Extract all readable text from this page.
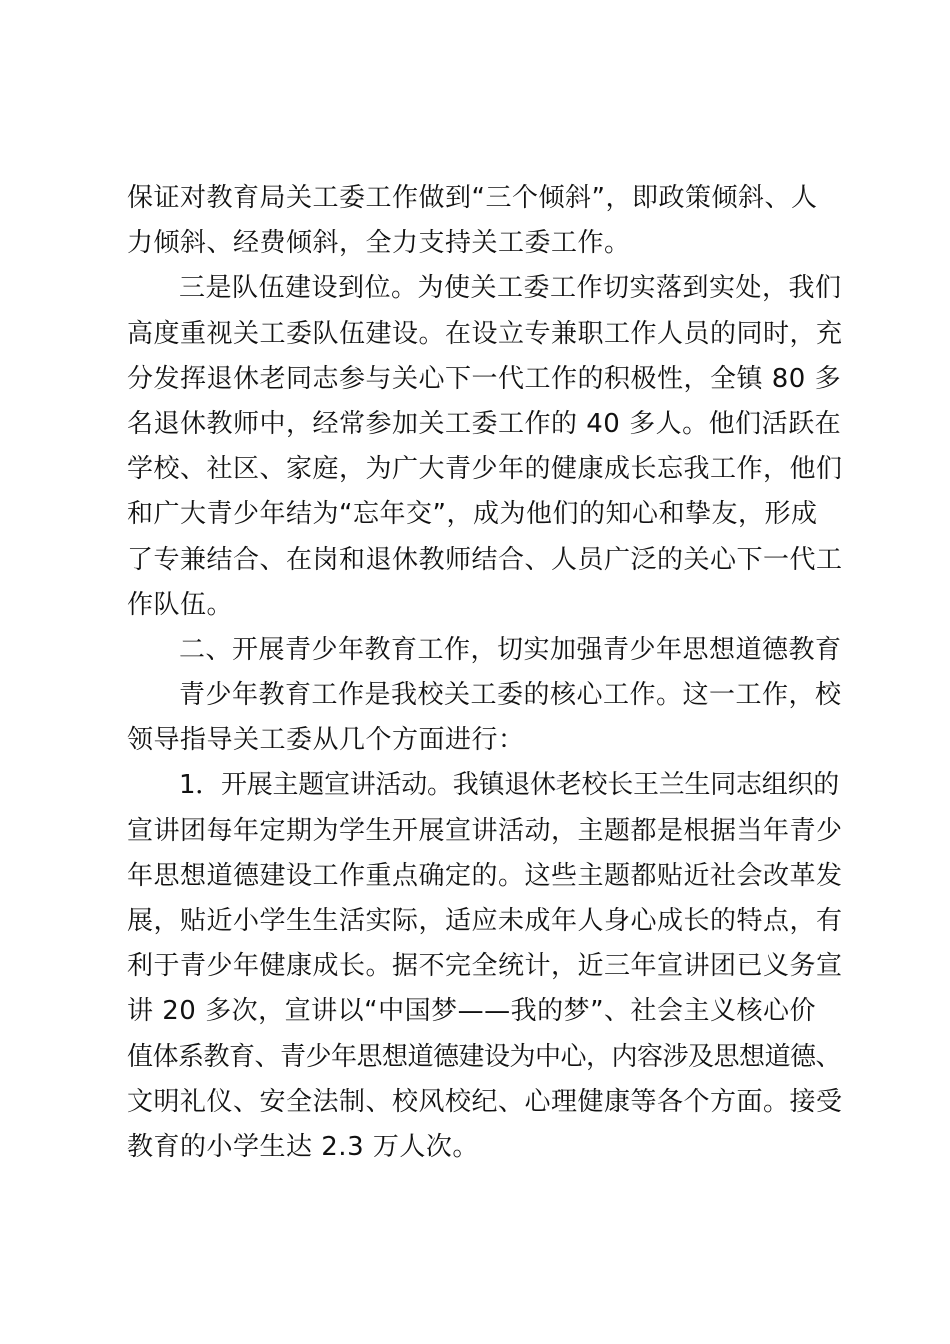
保证对教育局关工委工作做到“三个倾斜”，即政策倾斜、人
力倾斜、经费倾斜，全力支持关工委工作。
三是队伍建设到位。为使关工委工作切实落到实处，我们
高度重视关工委队伍建设。在设立专兼职工作人员的同时，充
分发挥退休老同志参与关心下一代工作的积极性，全镇 80 多
名退休教师中，经常参加关工委工作的 40 多人。他们活跃在
学校、社区、家庭，为广大青少年的健康成长忘我工作，他们
和广大青少年结为“忘年交”，成为他们的知心和挚友，形成
了专兼结合、在岗和退休教师结合、人员广泛的关心下一代工
作队伍。
二、开展青少年教育工作，切实加强青少年思想道德教育
青少年教育工作是我校关工委的核心工作。这一工作，校
领导指导关工委从几个方面进行：
1．开展主题宣讲活动。我镇退休老校长王兰生同志组织的
宣讲团每年定期为学生开展宣讲活动，主题都是根据当年青少
年思想道德建设工作重点确定的。这些主题都贴近社会改革发
展，贴近小学生生活实际，适应未成年人身心成长的特点，有
利于青少年健康成长。据不完全统计，近三年宣讲团已义务宣
讲 20 多次，宣讲以“中国梦——我的梦”、社会主义核心价
值体系教育、青少年思想道德建设为中心，内容涉及思想道德、
文明礼仪、安全法制、校风校纪、心理健康等各个方面。接受
教育的小学生达 2.3 万人次。
